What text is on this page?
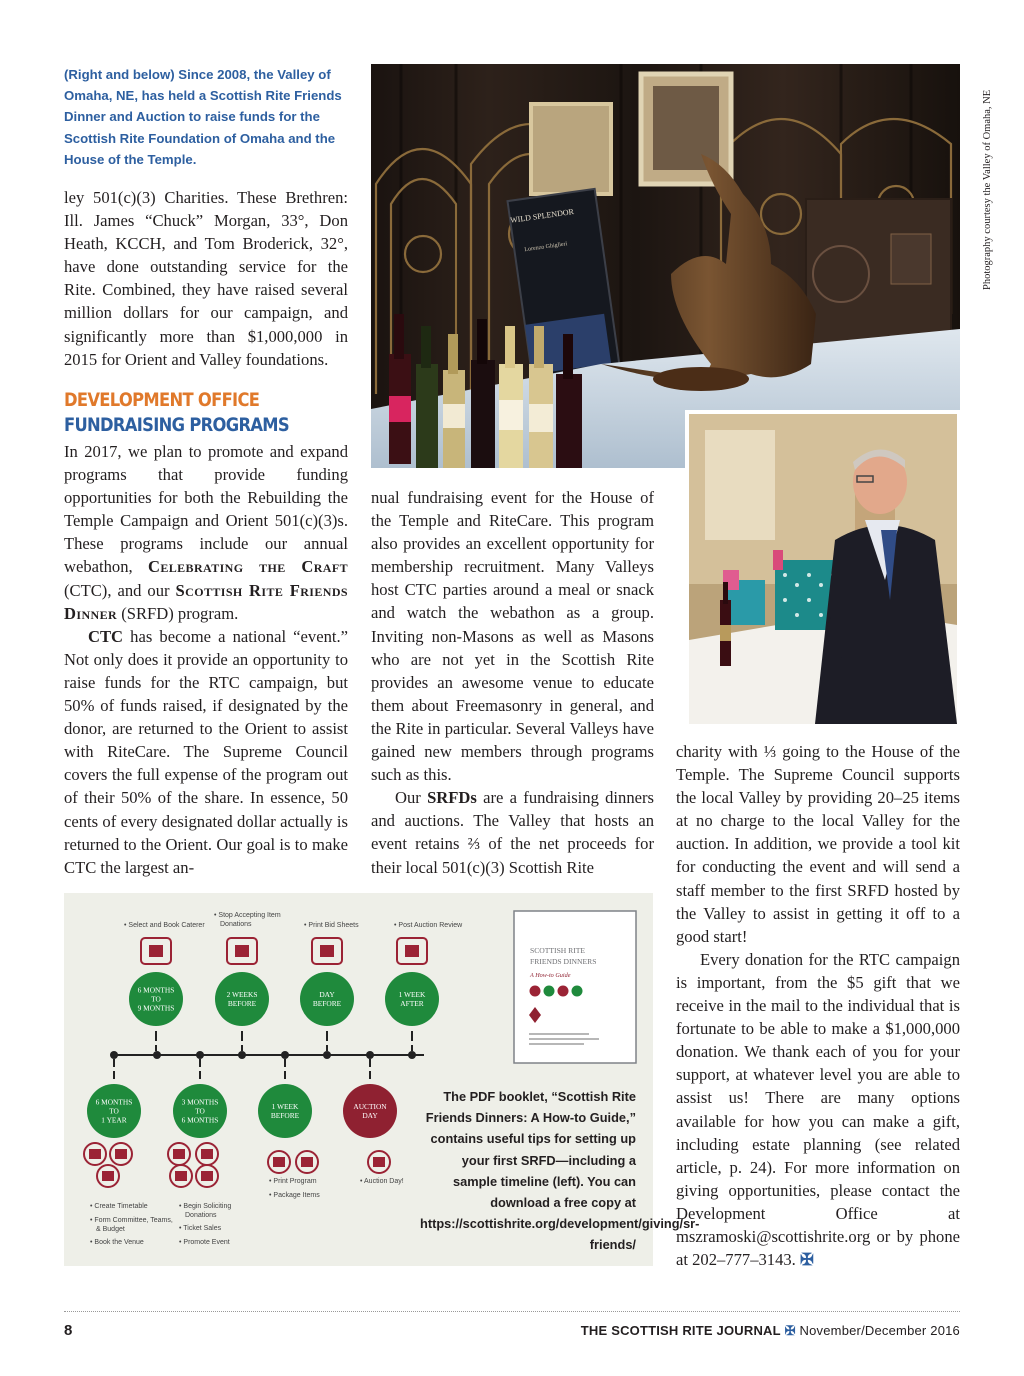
(Right and below) Since 2008, the Valley of Omaha, NE, has held a Scottish Rite Friends Dinner and Auction to raise funds for the Scottish Rite Foundation of Omaha and the House of the Temple.

ley 501(c)(3) Charities. These Brethren: Ill. James “Chuck” Morgan, 33°, Don Heath, KCCH, and Tom Broderick, 32°, have done outstanding service for the Rite. Combined, they have raised several million dollars for our campaign, and significantly more than $1,000,000 in 2015 for Orient and Valley foundations.

DEVELOPMENT OFFICE
FUNDRAISING PROGRAMS

In 2017, we plan to promote and expand programs that provide funding opportunities for both the Rebuilding the Temple Campaign and Orient 501(c)(3)s. These programs include our annual webathon, Celebrating the Craft (CTC), and our Scottish Rite Friends Dinner (SRFD) program.

CTC has become a national “event.” Not only does it provide an opportunity to raise funds for the RTC campaign, but 50% of funds raised, if designated by the donor, are returned to the Orient to assist with RiteCare. The Supreme Council covers the full expense of the program out of their 50% of the share. In essence, 50 cents of every designated dollar actually is returned to the Orient. Our goal is to make CTC the largest an-

nual fundraising event for the House of the Temple and RiteCare. This program also provides an excellent opportunity for membership recruitment. Many Valleys host CTC parties around a meal or snack and watch the webathon as a group. Inviting non-Masons as well as Masons who are not yet in the Scottish Rite provides an awesome venue to educate them about Freemasonry in general, and the Rite in particular. Several Valleys have gained new members through programs such as this.

Our SRFDs are a fundraising dinners and auctions. The Valley that hosts an event retains ⅔ of the net proceeds for their local 501(c)(3) Scottish Rite

charity with ⅓ going to the House of the Temple. The Supreme Council supports the local Valley by providing 20–25 items at no charge to the local Valley for the auction. In addition, we provide a tool kit for conducting the event and will send a staff member to the first SRFD hosted by the Valley to assist in getting it off to a good start!

Every donation for the RTC campaign is important, from the $5 gift that we receive in the mail to the individual that is fortunate to be able to make a $1,000,000 donation. We thank each of you for your support, at whatever level you are able to assist us! There are many options available for how you can make a gift, including estate planning (see related article, p. 24). For more information on giving opportunities, please contact the Development Office at mszramoski@scottishrite.org or by phone at 202–777–3143. ✠

Photography courtesy the Valley of Omaha, NE
WILD SPLENDOR
Lorenzo Ghiglieri
• Select and Book Caterer
• Stop Accepting Item Donations	• Print Bid Sheets	• Post Auction Review
6 MONTHS
TO
9 MONTHS
2 WEEKS
BEFORE
DAY
BEFORE
1 WEEK
AFTER
6 MONTHS
TO
1 YEAR
3 MONTHS
TO
6 MONTHS
1 WEEK
BEFORE
AUCTION
DAY
• Create Timetable
• Form Committee, Teams, & Budget
• Book the Venue
• Begin Soliciting Donations
• Ticket Sales
• Promote Event
• Print Program
• Package Items
• Auction Day!
SCOTTISH RITE
FRIENDS DINNERS
A How-to Guide
The PDF booklet, “Scottish Rite Friends Dinners: A How-to Guide,” contains useful tips for setting up your first SRFD—including a sample timeline (left). You can download a free copy at https://scottishrite.org/development/giving/sr-friends/
8	THE SCOTTISH RITE JOURNAL ✠ November/December 2016
